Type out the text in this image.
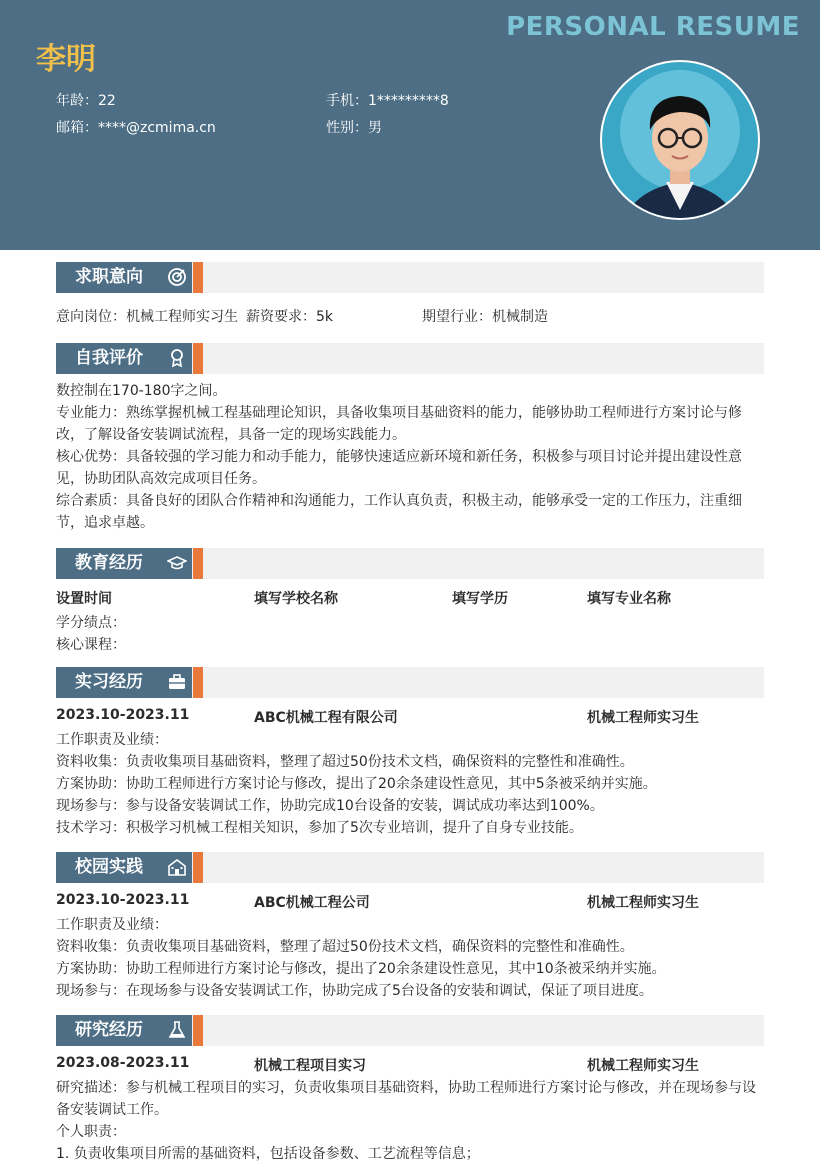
PERSONAL RESUME
李明
年龄：22	手机：1*********8
邮箱：****@zcmima.cn	性别：男
求职意向
意向岗位：机械工程师实习生 薪资要求：5k	期望行业：机械制造
自我评价
数控制在170-180字之间。
专业能力：熟练掌握机械工程基础理论知识，具备收集项目基础资料的能力，能够协助工程师进行方案讨论与修改，了解设备安装调试流程，具备一定的现场实践能力。
核心优势：具备较强的学习能力和动手能力，能够快速适应新环境和新任务，积极参与项目讨论并提出建设性意见，协助团队高效完成项目任务。
综合素质：具备良好的团队合作精神和沟通能力，工作认真负责，积极主动，能够承受一定的工作压力，注重细节，追求卓越。
教育经历
设置时间	填写学校名称	填写学历	填写专业名称
学分绩点：
核心课程：
实习经历
2023.10-2023.11	ABC机械工程有限公司	机械工程师实习生
工作职责及业绩：
资料收集：负责收集项目基础资料，整理了超过50份技术文档，确保资料的完整性和准确性。
方案协助：协助工程师进行方案讨论与修改，提出了20余条建设性意见，其中5条被采纳并实施。
现场参与：参与设备安装调试工作，协助完成10台设备的安装，调试成功率达到100%。
技术学习：积极学习机械工程相关知识，参加了5次专业培训，提升了自身专业技能。
校园实践
2023.10-2023.11	ABC机械工程公司	机械工程师实习生
工作职责及业绩：
资料收集：负责收集项目基础资料，整理了超过50份技术文档，确保资料的完整性和准确性。
方案协助：协助工程师进行方案讨论与修改，提出了20余条建设性意见，其中10条被采纳并实施。
现场参与：在现场参与设备安装调试工作，协助完成了5台设备的安装和调试，保证了项目进度。
研究经历
2023.08-2023.11	机械工程项目实习	机械工程师实习生
研究描述：参与机械工程项目的实习，负责收集项目基础资料，协助工程师进行方案讨论与修改，并在现场参与设备安装调试工作。
个人职责：
1. 负责收集项目所需的基础资料，包括设备参数、工艺流程等信息；
